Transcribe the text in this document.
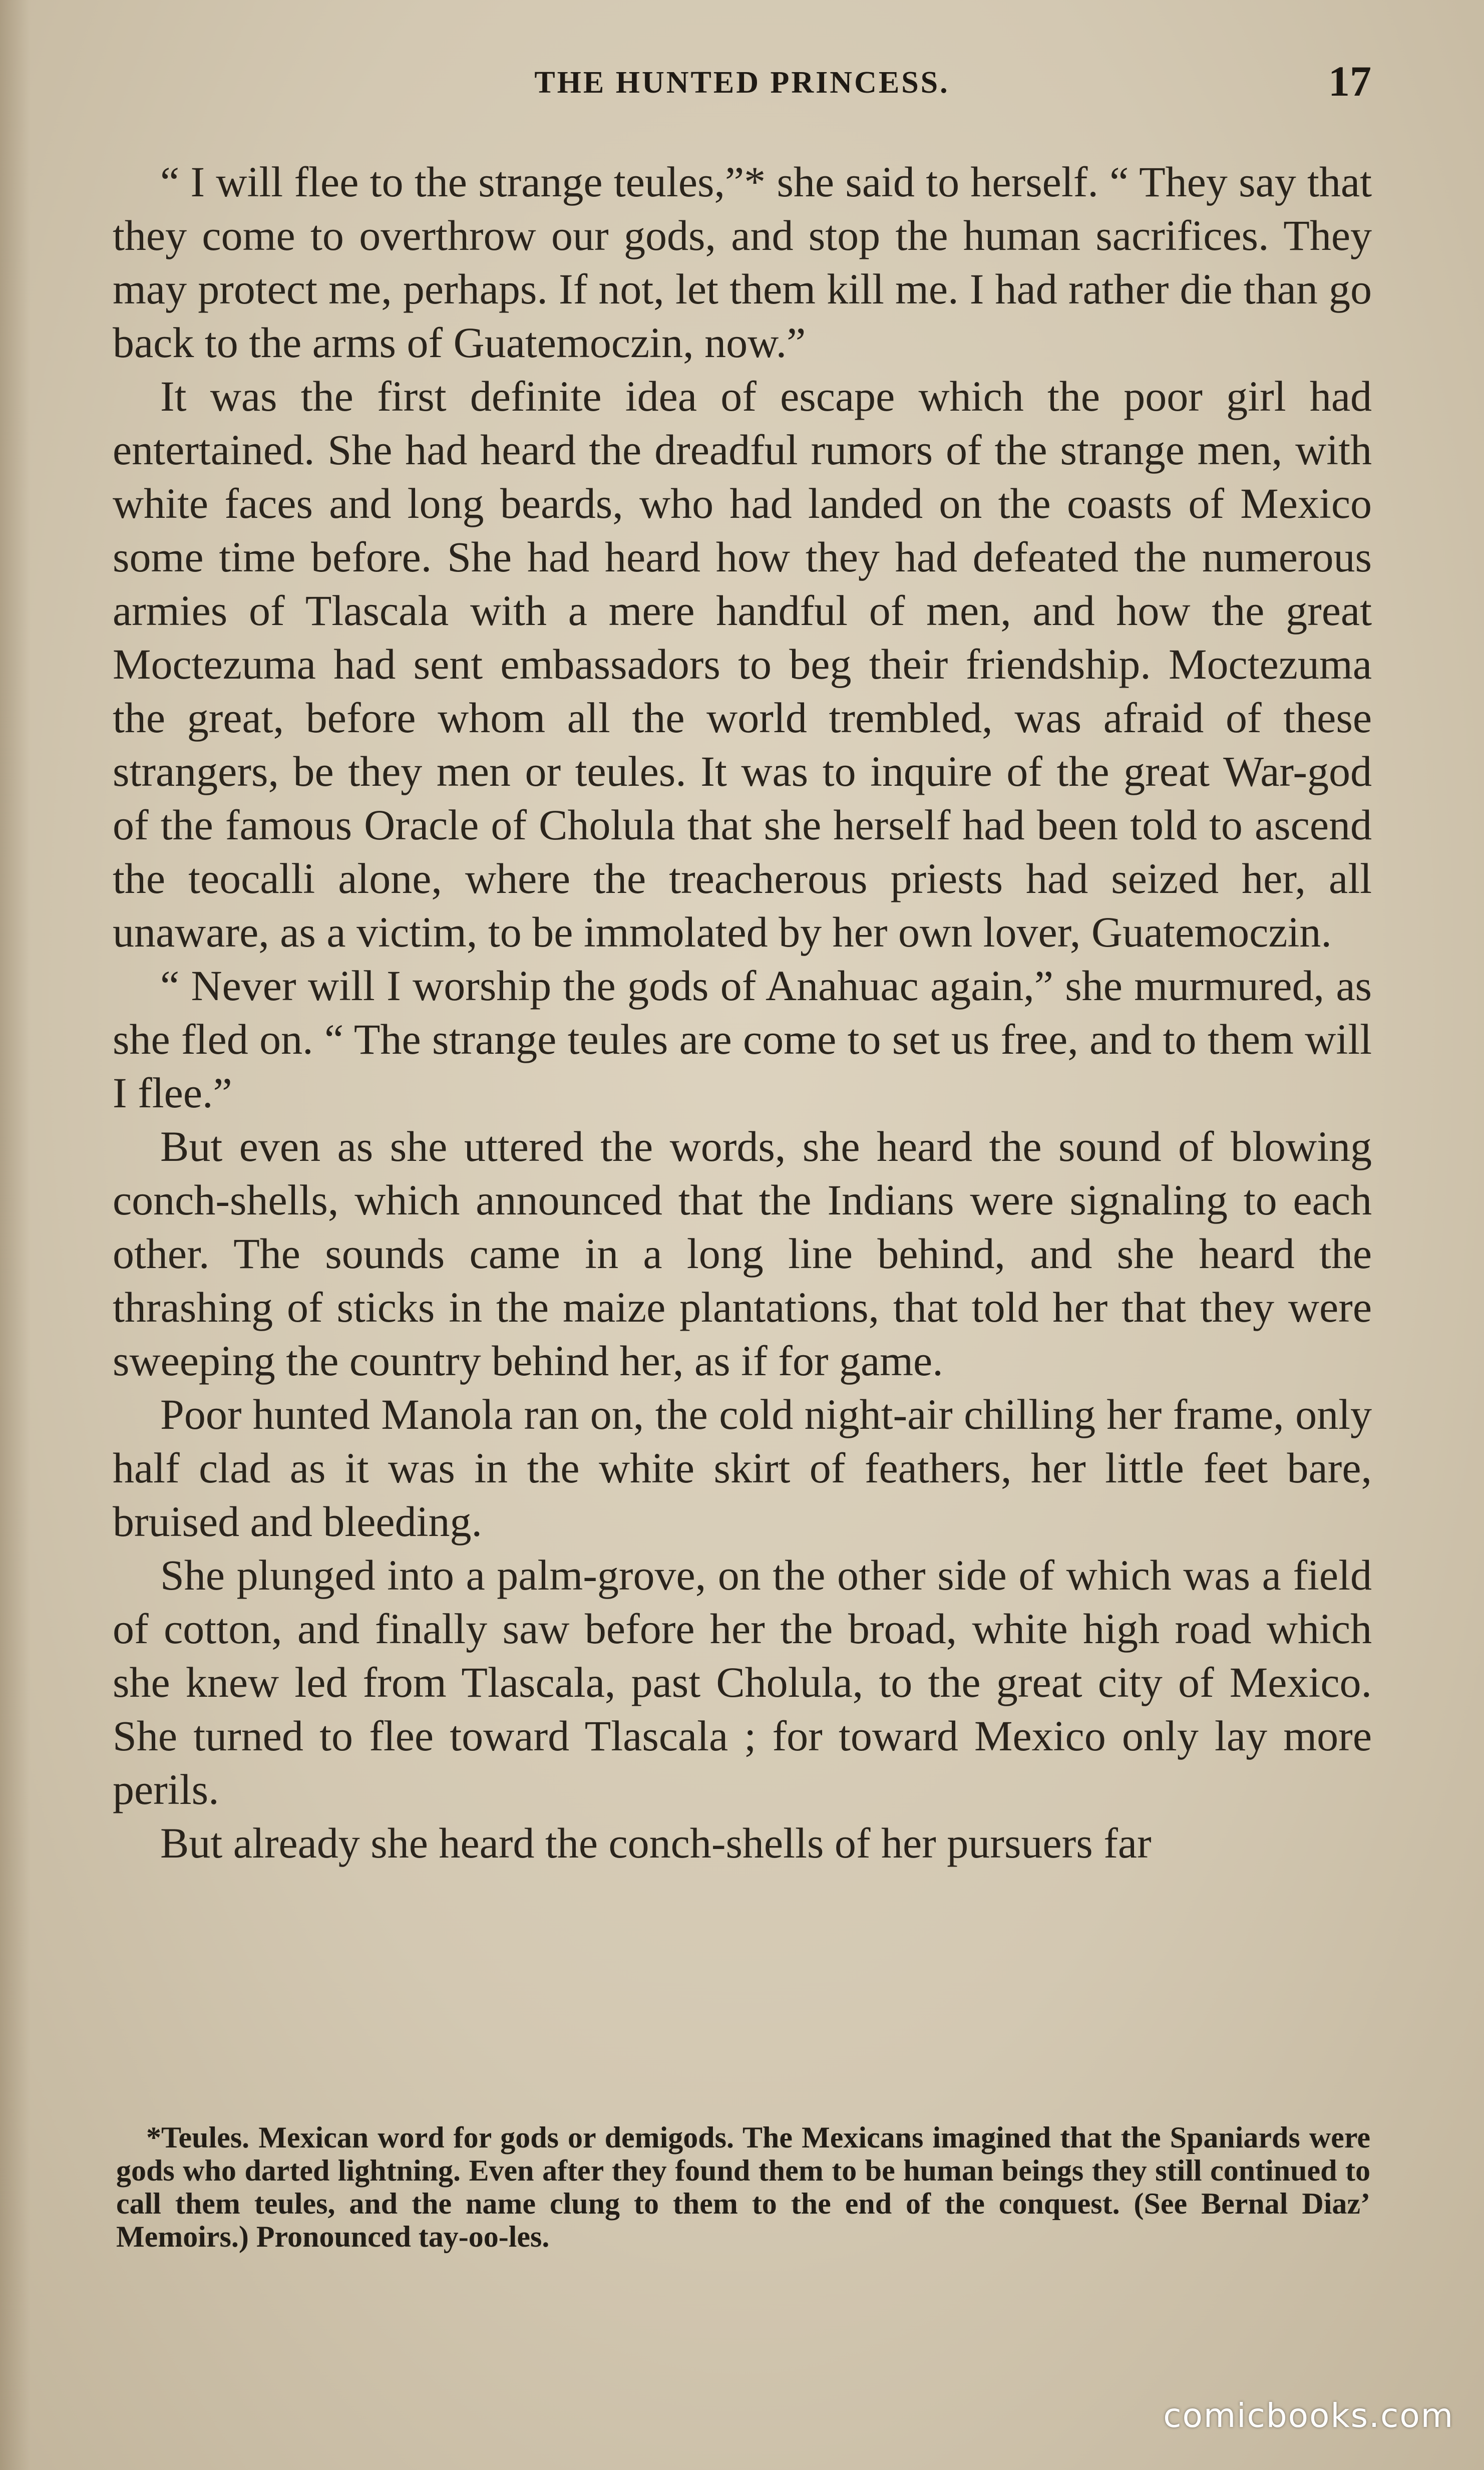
THE HUNTED PRINCESS.	17

“ I will flee to the strange teules,”* she said to herself. “ They say that they come to overthrow our gods, and stop the human sacrifices. They may protect me, perhaps. If not, let them kill me. I had rather die than go back to the arms of Guatemoczin, now.”

It was the first definite idea of escape which the poor girl had entertained. She had heard the dreadful rumors of the strange men, with white faces and long beards, who had landed on the coasts of Mexico some time before. She had heard how they had defeated the numerous armies of Tlascala with a mere handful of men, and how the great Moctezuma had sent embassadors to beg their friendship. Moctezuma the great, before whom all the world trembled, was afraid of these strangers, be they men or teules. It was to inquire of the great War-god of the famous Oracle of Cholula that she herself had been told to ascend the teocalli alone, where the treacherous priests had seized her, all unaware, as a victim, to be immolated by her own lover, Guatemoczin.

“ Never will I worship the gods of Anahuac again,” she murmured, as she fled on. “ The strange teules are come to set us free, and to them will I flee.”

But even as she uttered the words, she heard the sound of blowing conch-shells, which announced that the Indians were signaling to each other. The sounds came in a long line behind, and she heard the thrashing of sticks in the maize plantations, that told her that they were sweeping the country behind her, as if for game.

Poor hunted Manola ran on, the cold night-air chilling her frame, only half clad as it was in the white skirt of feathers, her little feet bare, bruised and bleeding.

She plunged into a palm-grove, on the other side of which was a field of cotton, and finally saw before her the broad, white high road which she knew led from Tlascala, past Cholula, to the great city of Mexico. She turned to flee toward Tlascala ; for toward Mexico only lay more perils.

But already she heard the conch-shells of her pursuers far

*Teules. Mexican word for gods or demigods. The Mexicans imagined that the Spaniards were gods who darted lightning. Even after they found them to be human beings they still continued to call them teules, and the name clung to them to the end of the conquest. (See Bernal Diaz’ Memoirs.) Pronounced tay-oo-les.
comicbooks.com
